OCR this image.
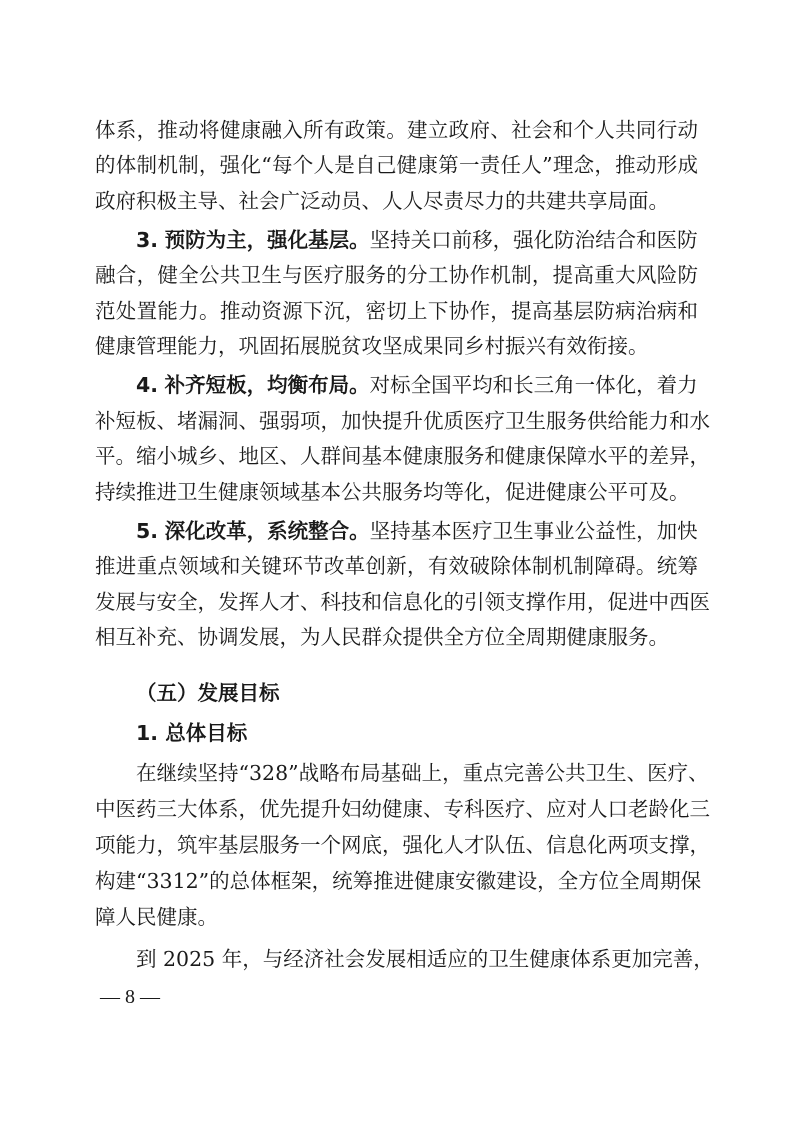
体系，推动将健康融入所有政策。建立政府、社会和个人共同行动
的体制机制，强化“每个人是自己健康第一责任人”理念，推动形成
政府积极主导、社会广泛动员、人人尽责尽力的共建共享局面。
3. 预防为主，强化基层。坚持关口前移，强化防治结合和医防
融合，健全公共卫生与医疗服务的分工协作机制，提高重大风险防
范处置能力。推动资源下沉，密切上下协作，提高基层防病治病和
健康管理能力，巩固拓展脱贫攻坚成果同乡村振兴有效衔接。
4. 补齐短板，均衡布局。对标全国平均和长三角一体化，着力
补短板、堵漏洞、强弱项，加快提升优质医疗卫生服务供给能力和水
平。缩小城乡、地区、人群间基本健康服务和健康保障水平的差异，
持续推进卫生健康领域基本公共服务均等化，促进健康公平可及。
5. 深化改革，系统整合。坚持基本医疗卫生事业公益性，加快
推进重点领域和关键环节改革创新，有效破除体制机制障碍。统筹
发展与安全，发挥人才、科技和信息化的引领支撑作用，促进中西医
相互补充、协调发展，为人民群众提供全方位全周期健康服务。
（五）发展目标
1. 总体目标
在继续坚持“328”战略布局基础上，重点完善公共卫生、医疗、
中医药三大体系，优先提升妇幼健康、专科医疗、应对人口老龄化三
项能力，筑牢基层服务一个网底，强化人才队伍、信息化两项支撑，
构建“3312”的总体框架，统筹推进健康安徽建设，全方位全周期保
障人民健康。
到 2025 年，与经济社会发展相适应的卫生健康体系更加完善，
— 8 —
